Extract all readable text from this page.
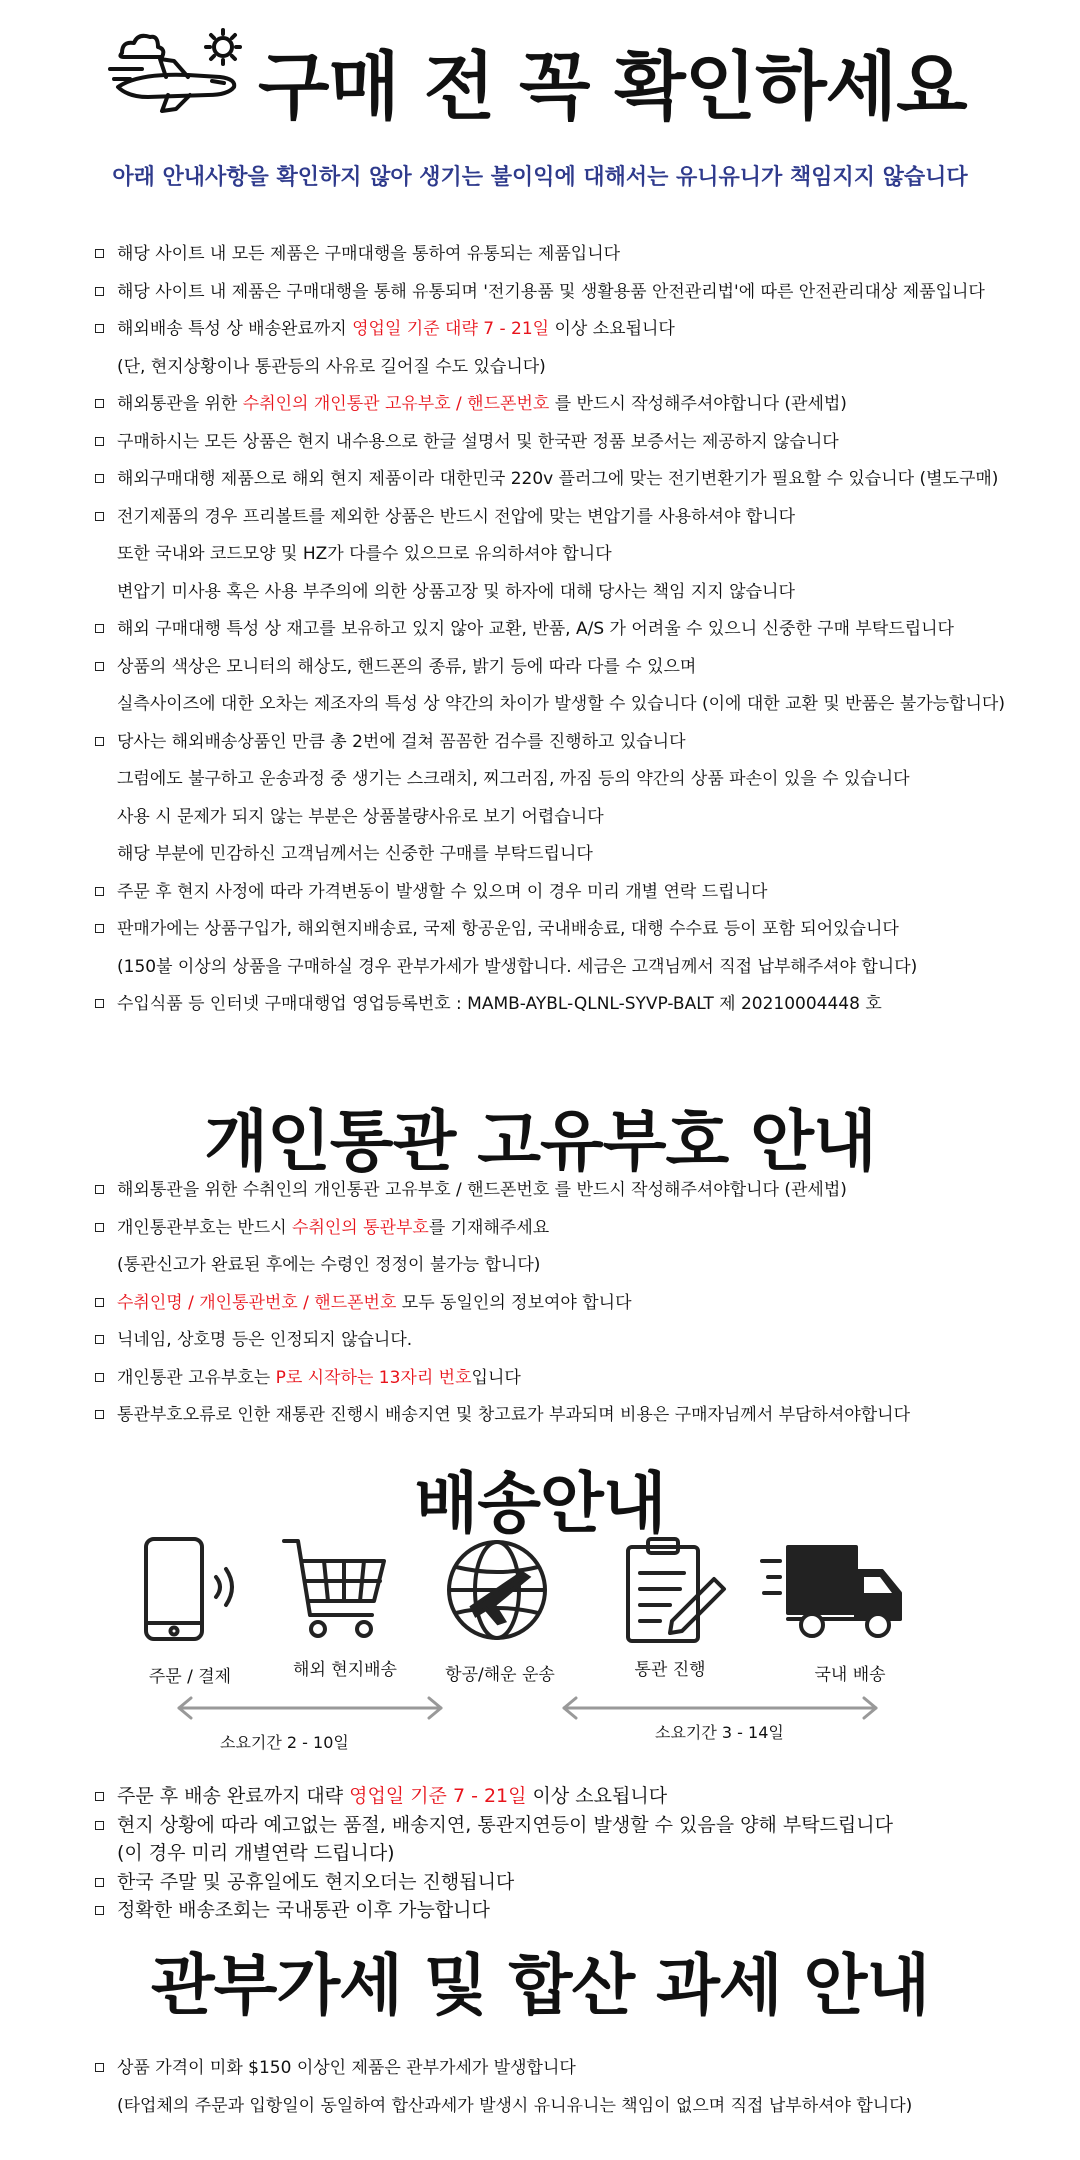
구매 전 꼭 확인하세요
아래 안내사항을 확인하지 않아 생기는 불이익에 대해서는 유니유니가 책임지지 않습니다
해당 사이트 내 모든 제품은 구매대행을 통하여 유통되는 제품입니다
해당 사이트 내 제품은 구매대행을 통해 유통되며 '전기용품 및 생활용품 안전관리법'에 따른 안전관리대상 제품입니다
해외배송 특성 상 배송완료까지 영업일 기준 대략 7 - 21일 이상 소요됩니다
(단, 현지상황이나 통관등의 사유로 길어질 수도 있습니다)
해외통관을 위한 수취인의 개인통관 고유부호 / 핸드폰번호 를 반드시 작성해주셔야합니다 (관세법)
구매하시는 모든 상품은 현지 내수용으로 한글 설명서 및 한국판 정품 보증서는 제공하지 않습니다
해외구매대행 제품으로 해외 현지 제품이라 대한민국 220v 플러그에 맞는 전기변환기가 필요할 수 있습니다 (별도구매)
전기제품의 경우 프리볼트를 제외한 상품은 반드시 전압에 맞는 변압기를 사용하셔야 합니다
또한 국내와 코드모양 및 HZ가 다를수 있으므로 유의하셔야 합니다
변압기 미사용 혹은 사용 부주의에 의한 상품고장 및 하자에 대해 당사는 책임 지지 않습니다
해외 구매대행 특성 상 재고를 보유하고 있지 않아 교환, 반품, A/S 가 어려울 수 있으니 신중한 구매 부탁드립니다
상품의 색상은 모니터의 해상도, 핸드폰의 종류, 밝기 등에 따라 다를 수 있으며
실측사이즈에 대한 오차는 제조자의 특성 상 약간의 차이가 발생할 수 있습니다 (이에 대한 교환 및 반품은 불가능합니다)
당사는 해외배송상품인 만큼 총 2번에 걸쳐 꼼꼼한 검수를 진행하고 있습니다
그럼에도 불구하고 운송과정 중 생기는 스크래치, 찌그러짐, 까짐 등의 약간의 상품 파손이 있을 수 있습니다
사용 시 문제가 되지 않는 부분은 상품불량사유로 보기 어렵습니다
해당 부분에 민감하신 고객님께서는 신중한 구매를 부탁드립니다
주문 후 현지 사정에 따라 가격변동이 발생할 수 있으며 이 경우 미리 개별 연락 드립니다
판매가에는 상품구입가, 해외현지배송료, 국제 항공운임, 국내배송료, 대행 수수료 등이 포함 되어있습니다
(150불 이상의 상품을 구매하실 경우 관부가세가 발생합니다. 세금은 고객님께서 직접 납부해주셔야 합니다)
수입식품 등 인터넷 구매대행업 영업등록번호 : MAMB-AYBL-QLNL-SYVP-BALT 제 20210004448 호
개인통관 고유부호 안내
해외통관을 위한 수취인의 개인통관 고유부호 / 핸드폰번호 를 반드시 작성해주셔야합니다 (관세법)
개인통관부호는 반드시 수취인의 통관부호를 기재해주세요
(통관신고가 완료된 후에는 수령인 정정이 불가능 합니다)
수취인명 / 개인통관번호 / 핸드폰번호 모두 동일인의 정보여야 합니다
닉네임, 상호명 등은 인정되지 않습니다.
개인통관 고유부호는 P로 시작하는 13자리 번호입니다
통관부호오류로 인한 재통관 진행시 배송지연 및 창고료가 부과되며 비용은 구매자님께서 부담하셔야합니다
배송안내
주문 / 결제	해외 현지배송	항공/해운 운송	통관 진행	국내 배송
소요기간 2 - 10일
소요기간 3 - 14일
주문 후 배송 완료까지 대략 영업일 기준 7 - 21일 이상 소요됩니다
현지 상황에 따라 예고없는 품절, 배송지연, 통관지연등이 발생할 수 있음을 양해 부탁드립니다
(이 경우 미리 개별연락 드립니다)
한국 주말 및 공휴일에도 현지오더는 진행됩니다
정확한 배송조회는 국내통관 이후 가능합니다
관부가세 및 합산 과세 안내
상품 가격이 미화 $150 이상인 제품은 관부가세가 발생합니다
(타업체의 주문과 입항일이 동일하여 합산과세가 발생시 유니유니는 책임이 없으며 직접 납부하셔야 합니다)
